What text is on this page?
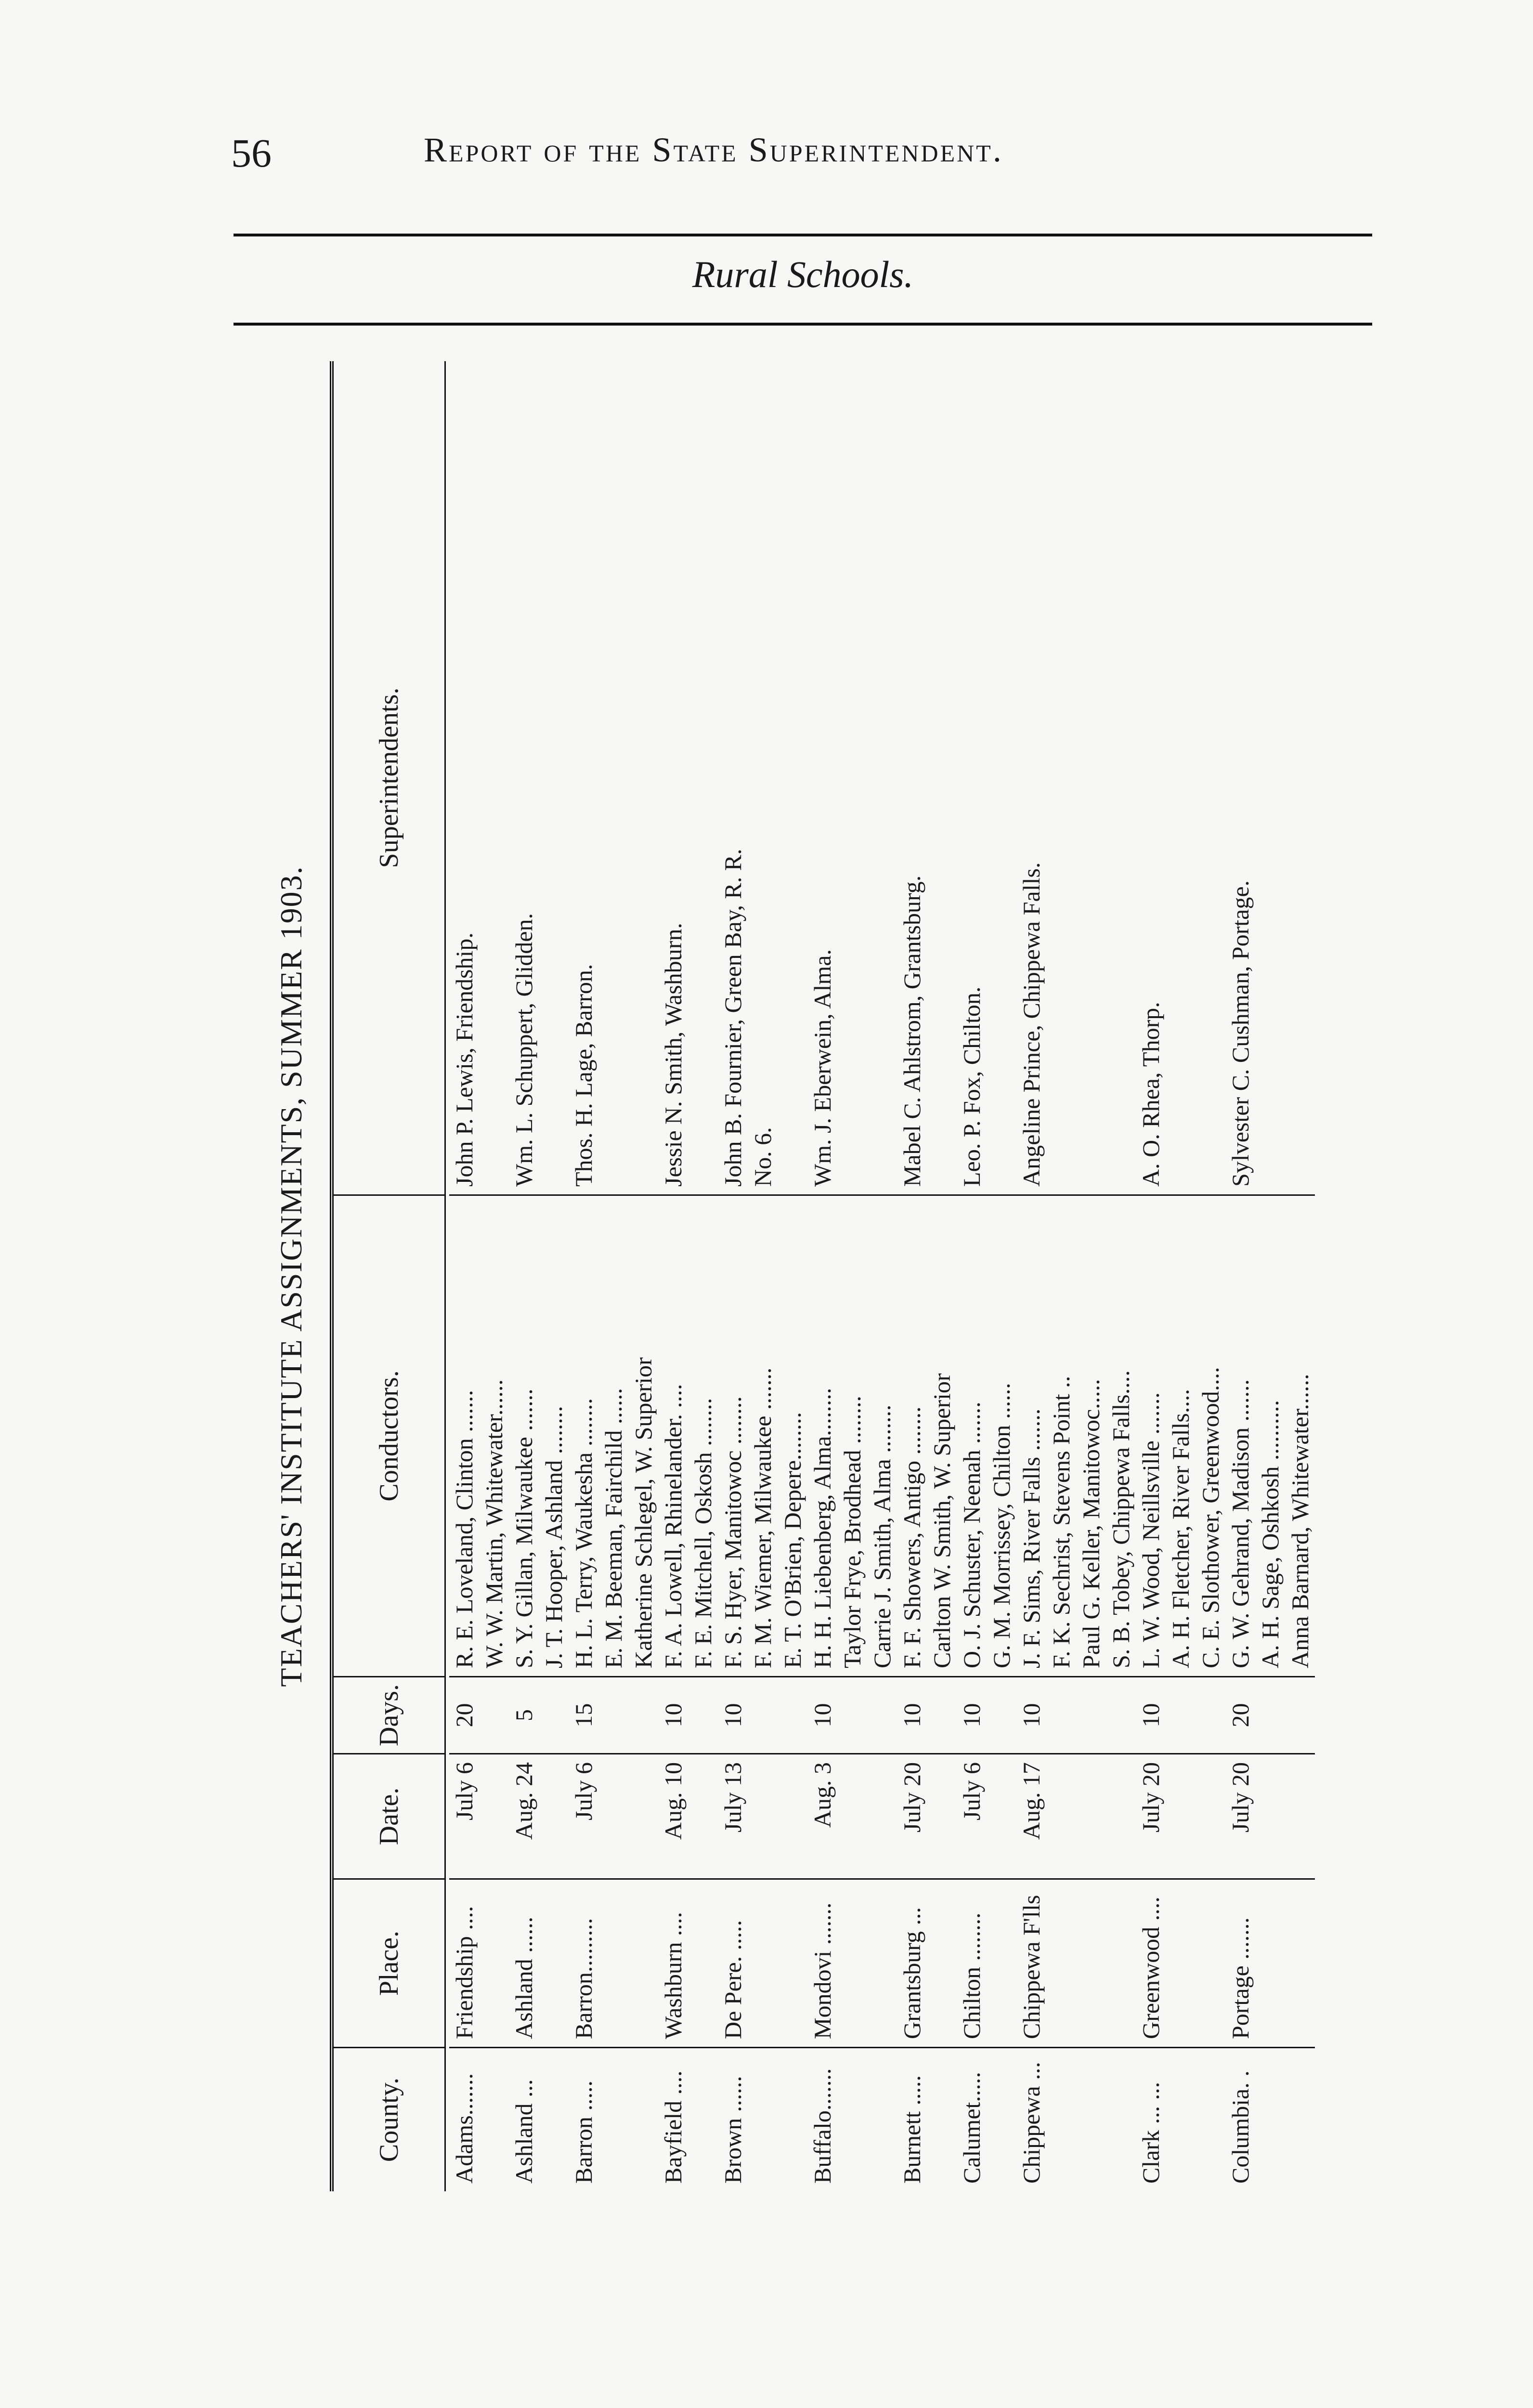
56	Report of the State Superintendent.
Rural Schools.
TEACHERS' INSTITUTE ASSIGNMENTS, SUMMER 1903.
County.
Place.
Date.
Days.
Conductors.
Superintendents.
Adams.......
Friendship ....
July 6
20
R. E. Loveland, Clinton ....... W. W. Martin, Whitewater......
John P. Lewis, Friendship.
Ashland ...
Ashland ......
Aug. 24
5
S. Y. Gillan, Milwaukee ....... J. T. Hooper, Ashland ........
Wm. L. Schuppert, Glidden.
Barron .....
Barron.........
July 6
15
H. L. Terry, Waukesha ........ E. M. Beeman, Fairchild ...... Katherine Schlegel, W. Superior
Thos. H. Lage, Barron.
Bayfield ....
Washburn ....
Aug. 10
10
F. A. Lowell, Rhinelander. .... F. E. Mitchell, Oskosh ........
Jessie N. Smith, Washburn.
Brown ......
De Pere. .....
July 13
10
F. S. Hyer, Manitowoc ........ F. M. Wiemer, Milwaukee ....... E. T. O'Brien, Depere........
John B. Fournier, Green Bay, R. R. No. 6.
Buffalo.......
Mondovi .......
Aug. 3
10
H. H. Liebenberg, Alma........ Taylor Frye, Brodhead ........ Carrie J. Smith, Alma ........
Wm. J. Eberwein, Alma.
Burnett .....
Grantsburg ...
July 20
10
F. F. Showers, Antigo ........ Carlton W. Smith, W. Superior
Mabel C. Ahlstrom, Grantsburg.
Calumet.....
Chilton ........
July 6
10
O. J. Schuster, Neenah ....... G. M. Morrissey, Chilton ......
Leo. P. Fox, Chilton.
Chippewa ...
Chippewa F'lls
Aug. 17
10
J. F. Sims, River Falls ....... F. K. Sechrist, Stevens Point .. Paul G. Keller, Manitowoc..... S. B. Tobey, Chippewa Falls....
Angeline Prince, Chippewa Falls.
Clark ... ...
Greenwood ....
July 20
10
L. W. Wood, Neillsville ....... A. H. Fletcher, River Falls.... C. E. Slothower, Greenwood....
A. O. Rhea, Thorp.
Columbia. .
Portage .......
July 20
20
G. W. Gehrand, Madison ....... A. H. Sage, Oshkosh .......... Anna Barnard, Whitewater......
Sylvester C. Cushman, Portage.
